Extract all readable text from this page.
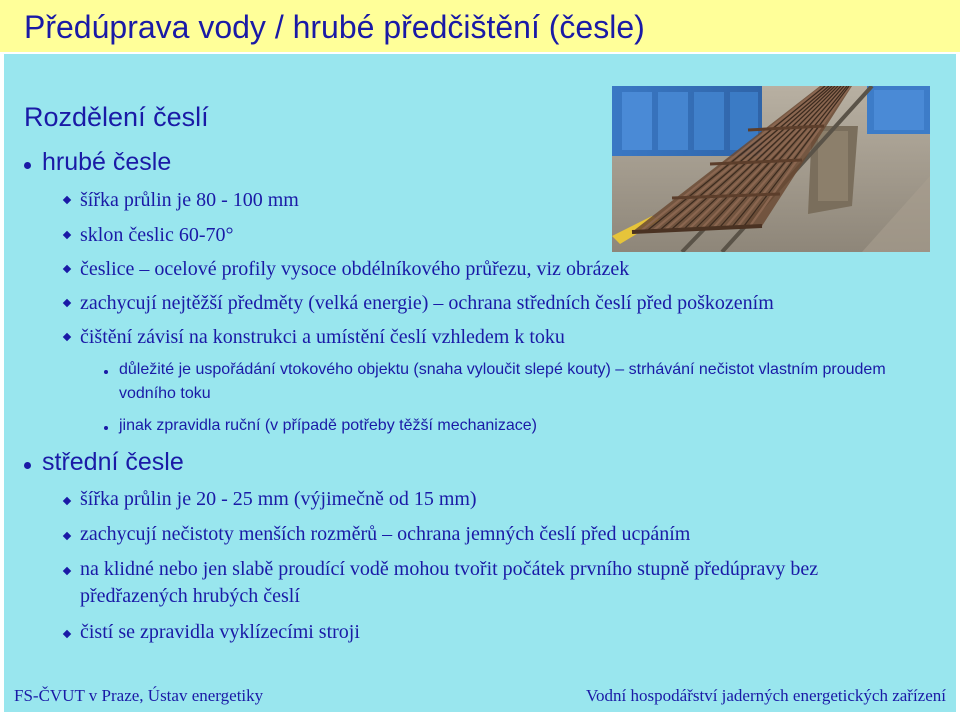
Předúprava vody / hrubé předčištění (česle)
Rozdělení česlí
hrubé česle
šířka průlin je 80 - 100 mm
sklon česlic 60-70°
česlice – ocelové profily vysoce obdélníkového průřezu, viz obrázek
zachycují nejtěžší předměty (velká energie) – ochrana středních česlí před poškozením
čištění závisí na konstrukci a umístění česlí vzhledem k toku
důležité je uspořádání vtokového objektu (snaha vyloučit slepé kouty) – strhávání nečistot vlastním proudem vodního toku
jinak zpravidla ruční (v případě potřeby těžší mechanizace)
střední česle
šířka průlin je 20 - 25 mm (výjimečně od 15 mm)
zachycují nečistoty menších rozměrů – ochrana jemných česlí před ucpáním
na klidné nebo jen slabě proudící vodě mohou tvořit počátek prvního stupně předúpravy bez předřazených hrubých česlí
čistí se zpravidla vyklízecími stroji
FS-ČVUT v Praze, Ústav energetiky	Vodní hospodářství jaderných energetických zařízení
